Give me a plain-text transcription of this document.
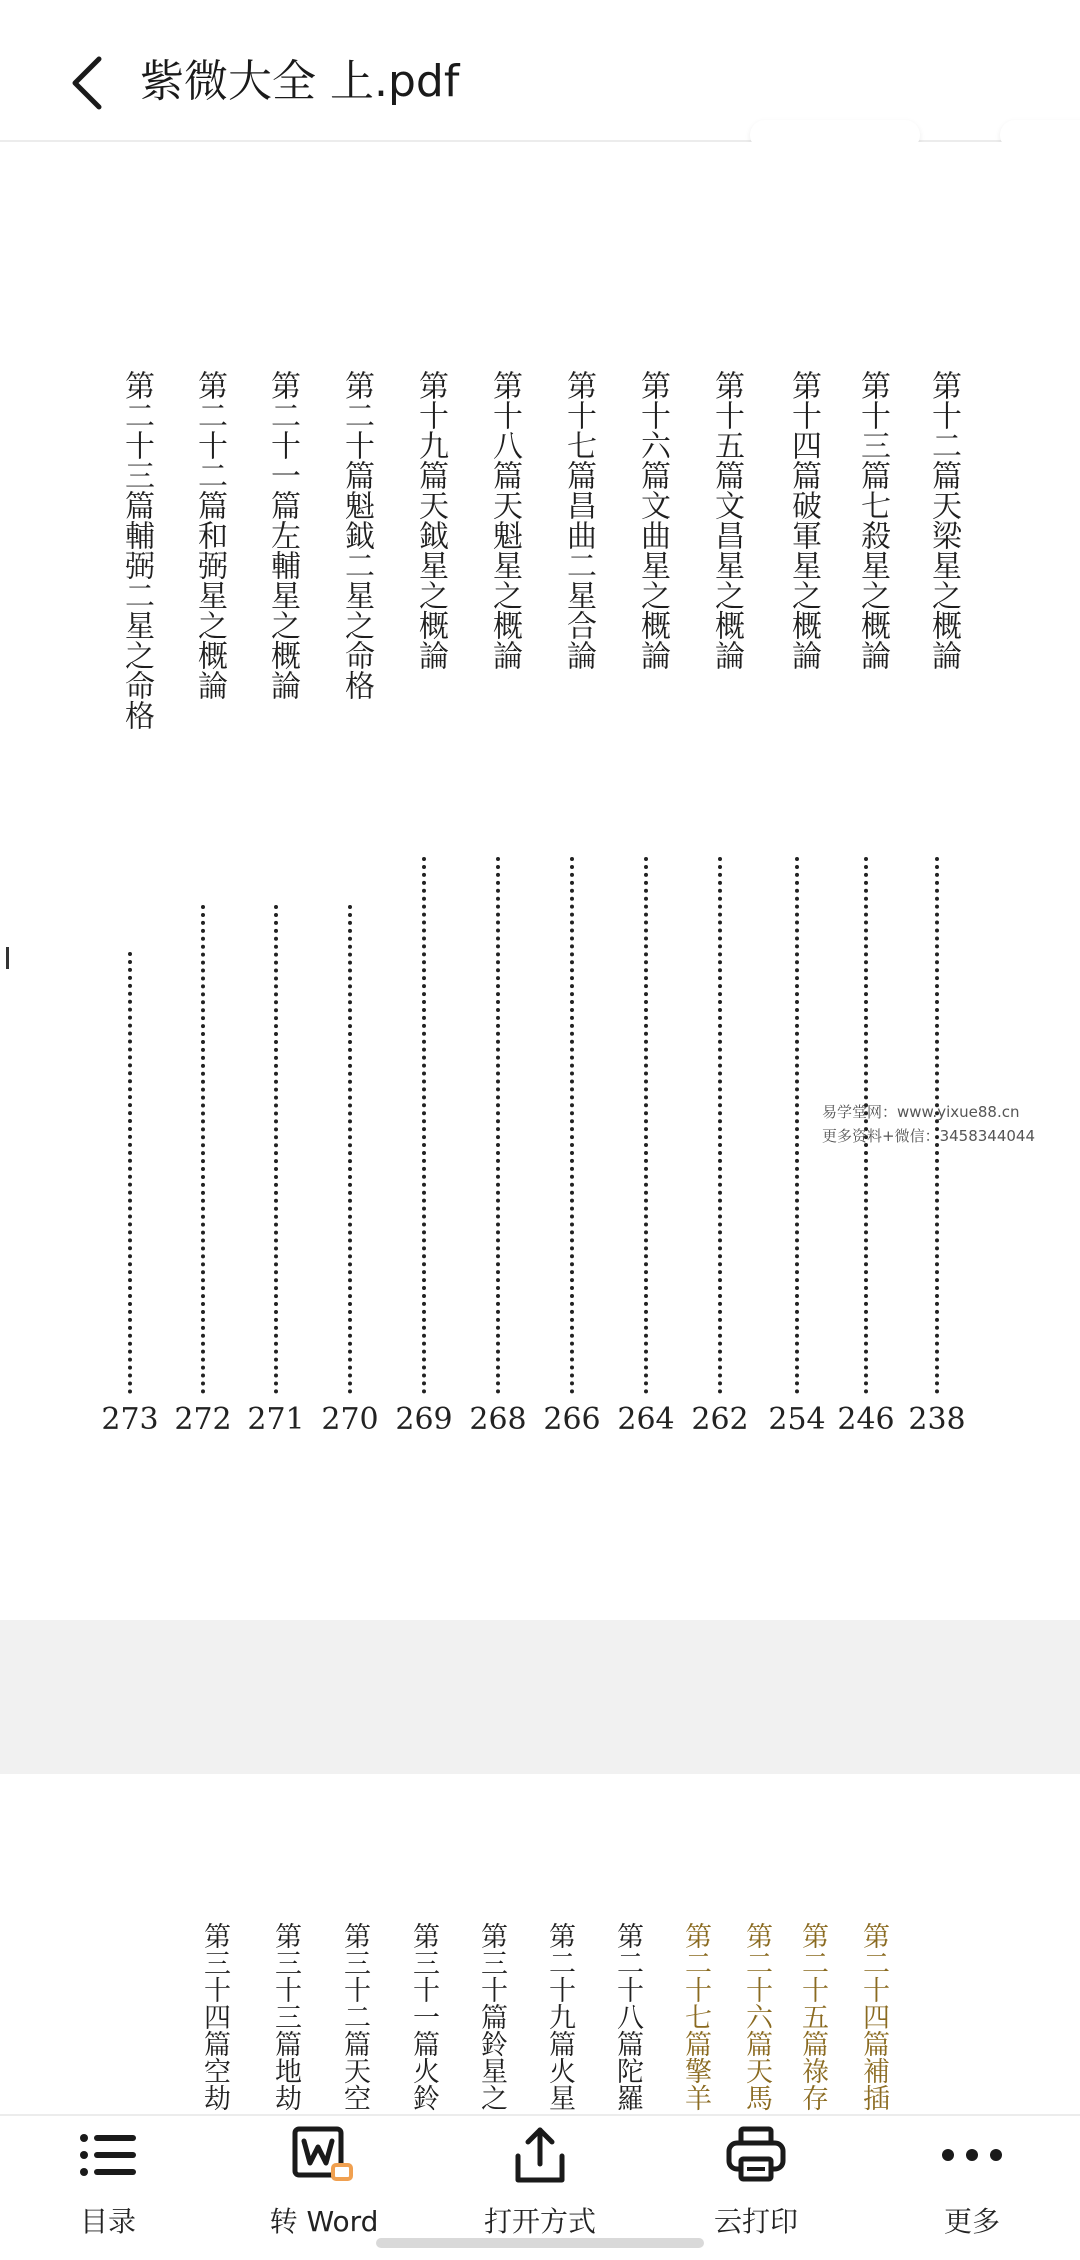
紫微大全 上.pdf
第二十三篇輔弼二星之命格
273
第二十二篇和弼星之概論
272
第二十一篇左輔星之概論
271
第二十篇魁鉞二星之命格
270
第十九篇天鉞星之概論
269
第十八篇天魁星之概論
268
第十七篇昌曲二星合論
266
第十六篇文曲星之概論
264
第十五篇文昌星之概論
262
第十四篇破軍星之概論
254
第十三篇七殺星之概論
246
第十二篇天梁星之概論
238
易学堂网：www.yixue88.cn
更多资料+微信：3458344044
第三十四篇空劫	第三十三篇地劫	第三十二篇天空	第三十一篇火鈴	第三十篇鈴星之	第二十九篇火星	第二十八篇陀羅	第二十七篇擎羊	第二十六篇天馬 第二十五篇祿存	第二十四篇補插
目录	转 Word	打开方式	云打印	更多
